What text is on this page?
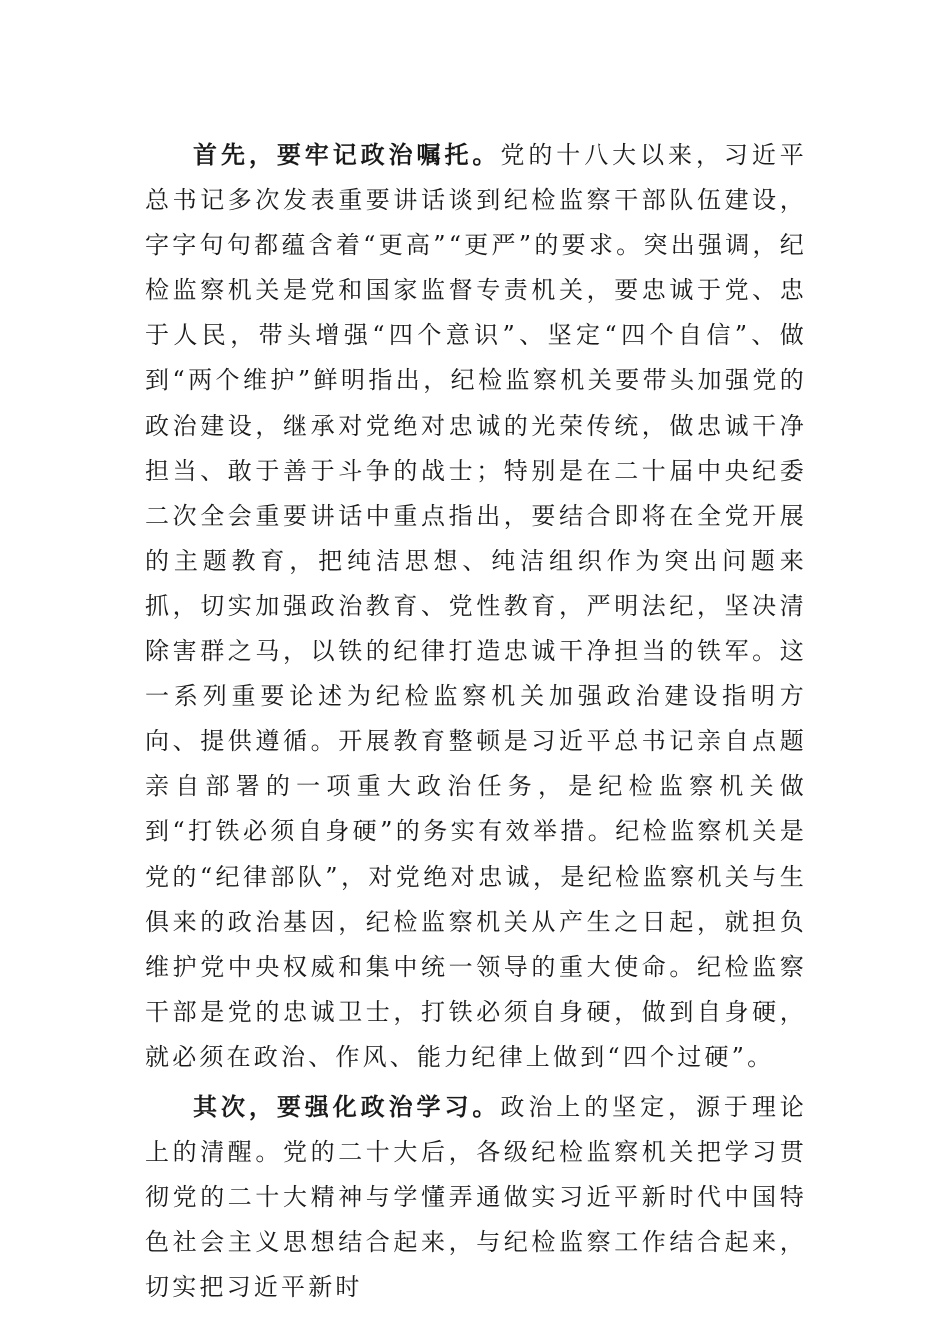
首先，要牢记政治嘱托。党的十八大以来，习近平总书记多次发表重要讲话谈到纪检监察干部队伍建设，字字句句都蕴含着“更高”“更严”的要求。突出强调，纪检监察机关是党和国家监督专责机关，要忠诚于党、忠于人民，带头增强“四个意识”、坚定“四个自信”、做到“两个维护”鲜明指出，纪检监察机关要带头加强党的政治建设，继承对党绝对忠诚的光荣传统，做忠诚干净担当、敢于善于斗争的战士；特别是在二十届中央纪委二次全会重要讲话中重点指出，要结合即将在全党开展的主题教育，把纯洁思想、纯洁组织作为突出问题来抓，切实加强政治教育、党性教育，严明法纪，坚决清除害群之马，以铁的纪律打造忠诚干净担当的铁军。这一系列重要论述为纪检监察机关加强政治建设指明方向、提供遵循。开展教育整顿是习近平总书记亲自点题亲自部署的一项重大政治任务，是纪检监察机关做到“打铁必须自身硬”的务实有效举措。纪检监察机关是党的“纪律部队”，对党绝对忠诚，是纪检监察机关与生俱来的政治基因，纪检监察机关从产生之日起，就担负维护党中央权威和集中统一领导的重大使命。纪检监察干部是党的忠诚卫士，打铁必须自身硬，做到自身硬，就必须在政治、作风、能力纪律上做到“四个过硬”。

其次，要强化政治学习。政治上的坚定，源于理论上的清醒。党的二十大后，各级纪检监察机关把学习贯彻党的二十大精神与学懂弄通做实习近平新时代中国特色社会主义思想结合起来，与纪检监察工作结合起来，切实把习近平新时
